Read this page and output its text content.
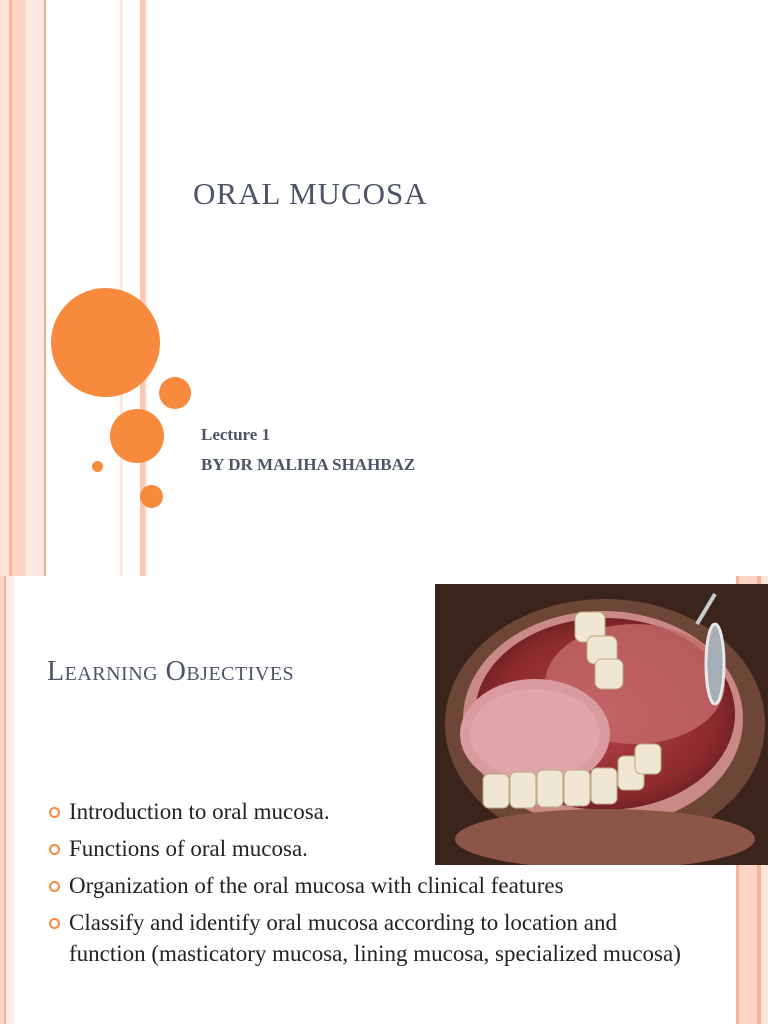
ORAL MUCOSA
Lecture 1
BY DR MALIHA SHAHBAZ
Learning Objectives
Introduction to oral mucosa.
Functions of oral mucosa.
Organization of the oral mucosa with clinical features
Classify and identify oral mucosa according to location and function (masticatory mucosa, lining mucosa, specialized mucosa)
